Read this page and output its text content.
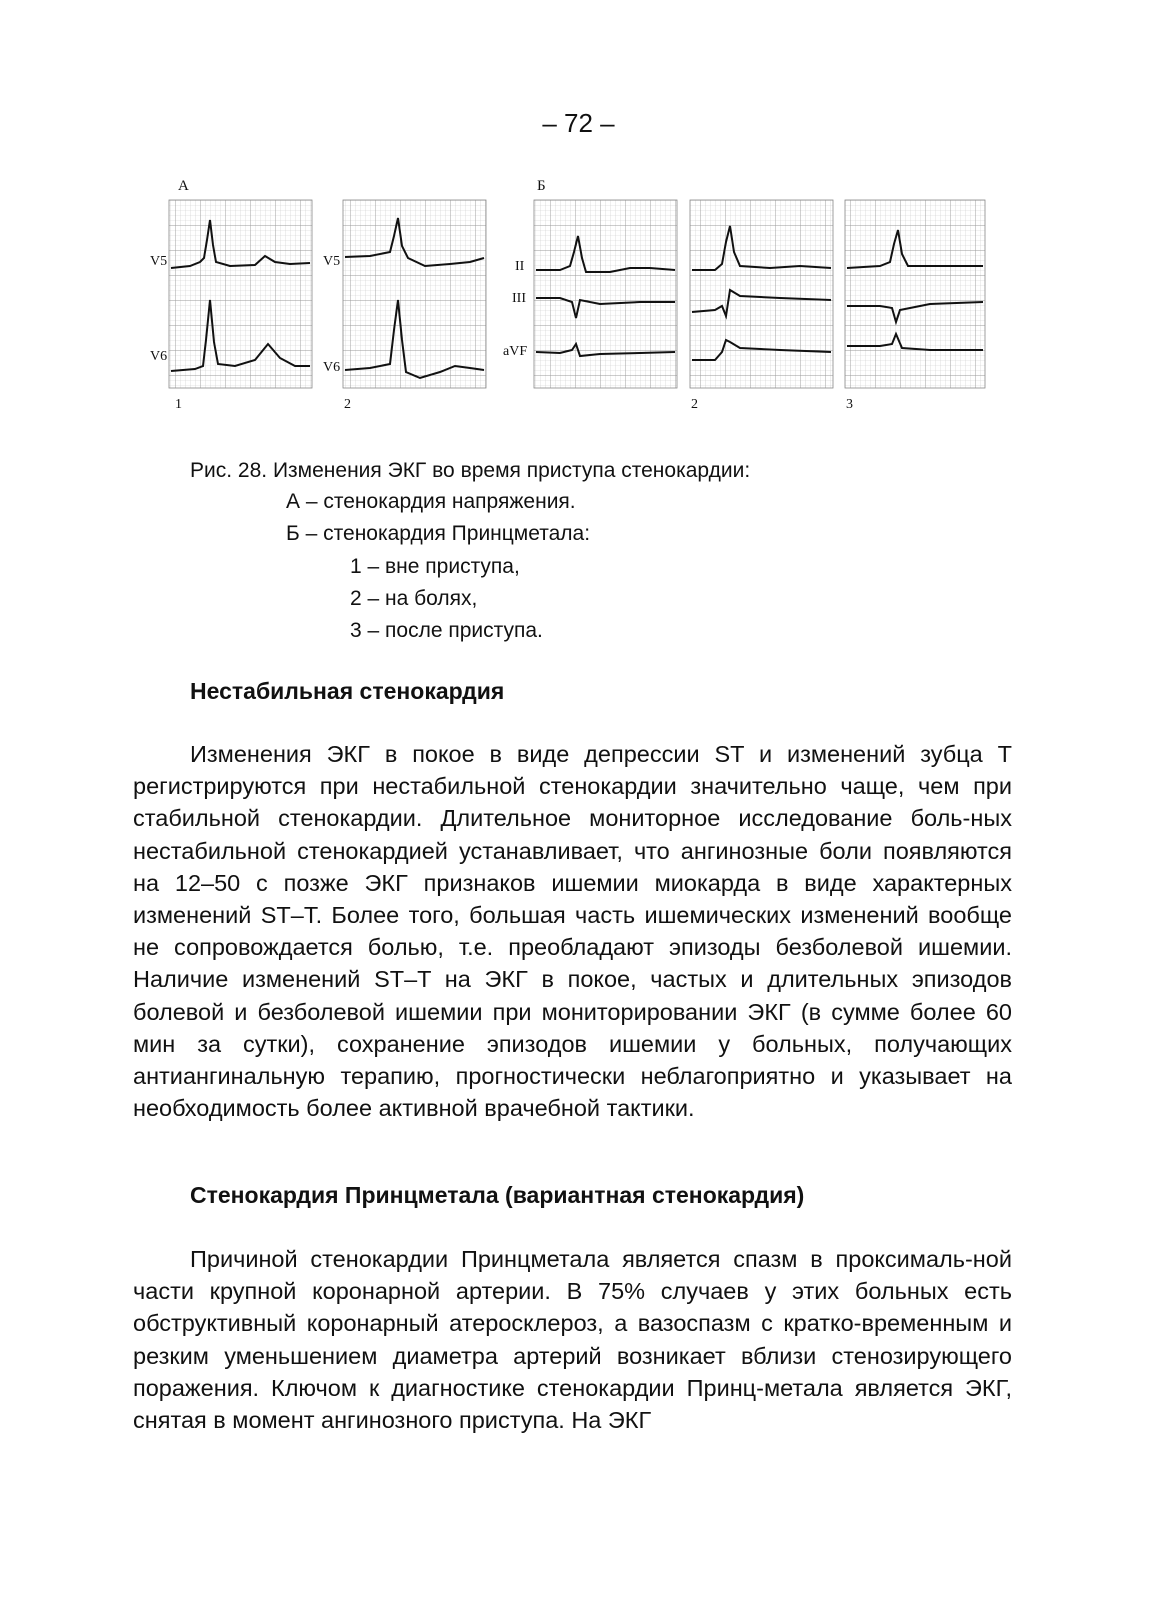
– 72 –
А	Б
V5
V6
V5
V6
II
III
aVF
1	2	2	3
Рис. 28. Изменения ЭКГ во время приступа стенокардии:
А – стенокардия напряжения.
Б – стенокардия Принцметала:
1 – вне приступа,
2 – на болях,
3 – после приступа.
Нестабильная стенокардия

Изменения ЭКГ в покое в виде депрессии ST и изменений зубца T регистрируются при нестабильной стенокардии значительно чаще, чем при стабильной стенокардии. Длительное мониторное исследование боль-ных нестабильной стенокардией устанавливает, что ангинозные боли появляются на 12–50 с позже ЭКГ признаков ишемии миокарда в виде характерных изменений ST–T. Более того, большая часть ишемических изменений вообще не сопровождается болью, т.е. преобладают эпизоды безболевой ишемии. Наличие изменений ST–T на ЭКГ в покое, частых и длительных эпизодов болевой и безболевой ишемии при мониторировании ЭКГ (в сумме более 60 мин за сутки), сохранение эпизодов ишемии у больных, получающих антиангинальную терапию, прогностически неблагоприятно и указывает на необходимость более активной врачебной тактики.

Стенокардия Принцметала (вариантная стенокардия)

Причиной стенокардии Принцметала является спазм в проксималь-ной части крупной коронарной артерии. В 75% случаев у этих больных есть обструктивный коронарный атеросклероз, а вазоспазм с кратко-временным и резким уменьшением диаметра артерий возникает вблизи стенозирующего поражения. Ключом к диагностике стенокардии Принц-метала является ЭКГ, снятая в момент ангинозного приступа. На ЭКГ
